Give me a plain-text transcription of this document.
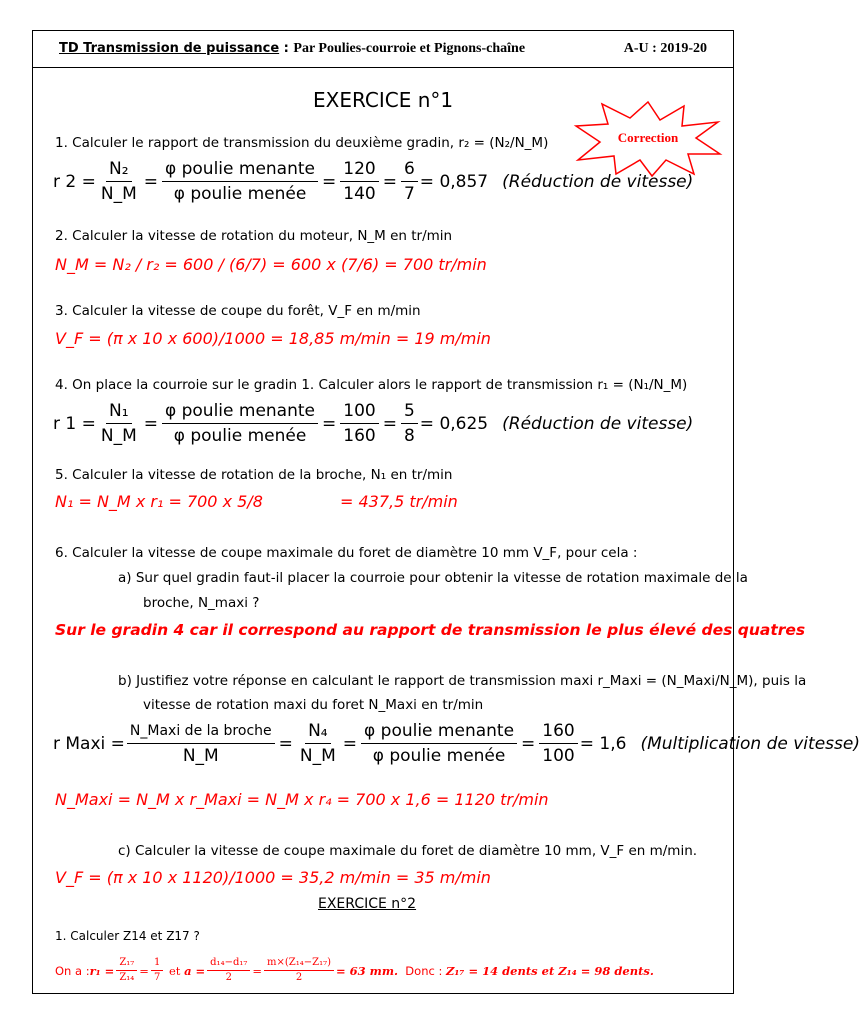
TD Transmission de puissance : Par Poulies-courroie et Pignons-chaîne	A-U : 2019-20
Correction
EXERCICE n°1
1. Calculer le rapport de transmission du deuxième gradin, r₂ = (N₂/N_M)
r $2 = \frac{\text{N₂}}{N\_M} = \frac{\text{φ poulie menante}}{\text{φ poulie menée}} = \frac{120}{140} = \frac{6}{7} = 0,857$ (Réduction de vitesse)
2. Calculer la vitesse de rotation du moteur, N_M en tr/min
N_M = N₂ / r₂ = 600 / (6/7) = 600 x (7/6) = 700 tr/min
3. Calculer la vitesse de coupe du forêt, V_F en m/min
V_F = (π x 10 x 600)/1000 = 18,85 m/min = 19 m/min
4. On place la courroie sur le gradin 1. Calculer alors le rapport de transmission r₁ = (N₁/N_M)
r $1 = \frac{\text{N₁}}{N\_M} = \frac{\text{φ poulie menante}}{\text{φ poulie menée}} = \frac{100}{160} = \frac{5}{8} = 0,625$ (Réduction de vitesse)
5. Calculer la vitesse de rotation de la broche, N₁ en tr/min
N₁ = N_M x r₁ = 700 x 5/8	= 437,5 tr/min
6. Calculer la vitesse de coupe maximale du foret de diamètre 10 mm V_F, pour cela :
a) Sur quel gradin faut-il placer la courroie pour obtenir la vitesse de rotation maximale de la
broche, N_maxi ?
Sur le gradin 4 car il correspond au rapport de transmission le plus élevé des quatres
b) Justifiez votre réponse en calculant le rapport de transmission maxi r_Maxi = (N_Maxi/N_M), puis la
vitesse de rotation maxi du foret N_Maxi en tr/min
r Maxi = $\frac{\text{N\_Maxi de la broche}}{N\_M} = \frac{\text{N₄}}{N\_M} = \frac{\text{φ poulie menante}}{\text{φ poulie menée}} = \frac{160}{100} = 1,6$ (Multiplication de vitesse)
N_Maxi = N_M x r_Maxi = N_M x r₄ = 700 x 1,6 = 1120 tr/min
c) Calculer la vitesse de coupe maximale du foret de diamètre 10 mm, V_F en m/min.
V_F = (π x 10 x 1120)/1000 = 35,2 m/min = 35 m/min
EXERCICE n°2
1. Calculer Z14 et Z17 ?
On a : $r_1 = \frac{\text{Z₁₇}}{\text{Z₁₄}} = \frac{1}{7}$ et $a = \frac{\text{d₁₄−d₁₇}}{2} = \frac{\text{m×(Z₁₄−Z₁₇)}}{2} = 63$ mm. Donc : Z₁₇ = 14 dents et Z₁₄ = 98 dents.
